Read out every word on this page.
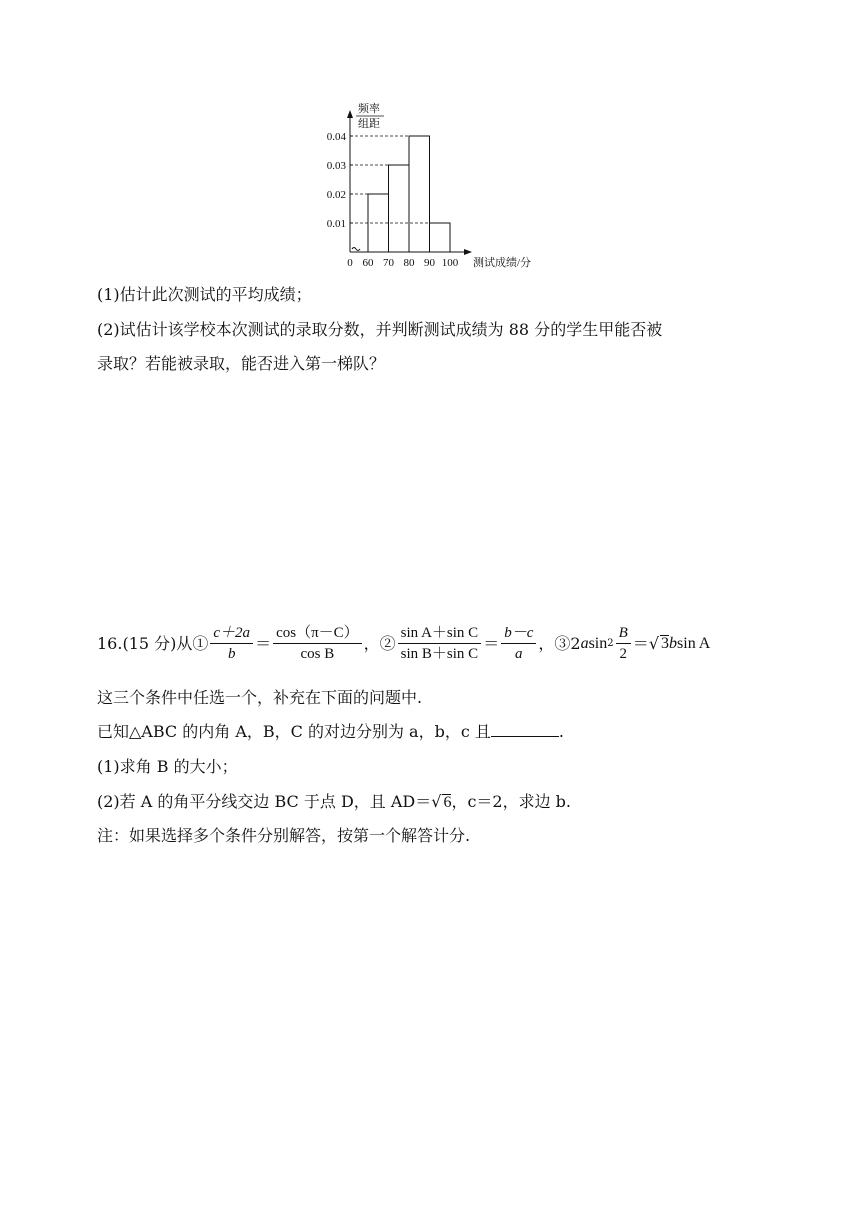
频率
组距
0.01
0.02
0.03
0.04
0 60 70 80 90 100 测试成绩/分
(1)估计此次测试的平均成绩；
(2)试估计该学校本次测试的录取分数，并判断测试成绩为 88 分的学生甲能否被
录取？若能被录取，能否进入第一梯队？
16.(15 分)从① $\frac{c+2a}{b} = \frac{\cos(\pi-C)}{\text{cos B}}$ ，② $\frac{\text{sin A＋sin C}}{\text{sin B＋sin C}} = \frac{b-c}{a}$ ，③2 a $\sin 2 \frac{B}{2}$ ＝ √ 3 b sin A
这三个条件中任选一个，补充在下面的问题中.
已知△ABC 的内角 A，B，C 的对边分别为 a，b，c 且	.
(1)求角 B 的大小；
(2)若 A 的角平分线交边 BC 于点 D，且 AD＝√ 6，c＝2，求边 b.
注：如果选择多个条件分别解答，按第一个解答计分.
